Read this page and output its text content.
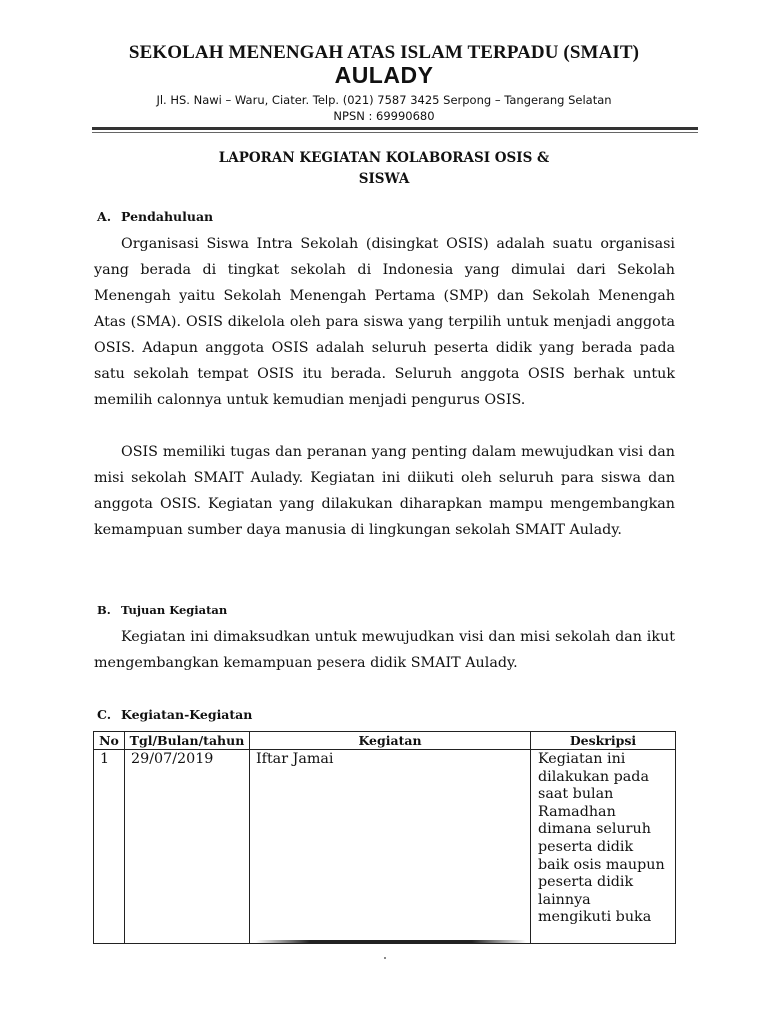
SEKOLAH MENENGAH ATAS ISLAM TERPADU (SMAIT)
AULADY
Jl. HS. Nawi – Waru, Ciater. Telp. (021) 7587 3425 Serpong – Tangerang Selatan
NPSN : 69990680
LAPORAN KEGIATAN KOLABORASI OSIS &
SISWA
A. Pendahuluan

Organisasi Siswa Intra Sekolah (disingkat OSIS) adalah suatu organisasi yang berada di tingkat sekolah di Indonesia yang dimulai dari Sekolah Menengah yaitu Sekolah Menengah Pertama (SMP) dan Sekolah Menengah Atas (SMA). OSIS dikelola oleh para siswa yang terpilih untuk menjadi anggota OSIS. Adapun anggota OSIS adalah seluruh peserta didik yang berada pada satu sekolah tempat OSIS itu berada. Seluruh anggota OSIS berhak untuk memilih calonnya untuk kemudian menjadi pengurus OSIS.

OSIS memiliki tugas dan peranan yang penting dalam mewujudkan visi dan misi sekolah SMAIT Aulady. Kegiatan ini diikuti oleh seluruh para siswa dan anggota OSIS. Kegiatan yang dilakukan diharapkan mampu mengembangkan kemampuan sumber daya manusia di lingkungan sekolah SMAIT Aulady.

B. Tujuan Kegiatan

Kegiatan ini dimaksudkan untuk mewujudkan visi dan misi sekolah dan ikut mengembangkan kemampuan pesera didik SMAIT Aulady.

C. Kegiatan-Kegiatan
No	Tgl/Bulan/tahun	Kegiatan	Deskripsi
1	29/07/2019	Iftar Jamai	Kegiatan ini dilakukan pada saat bulan Ramadhan dimana seluruh peserta didik baik osis maupun peserta didik lainnya mengikuti buka
